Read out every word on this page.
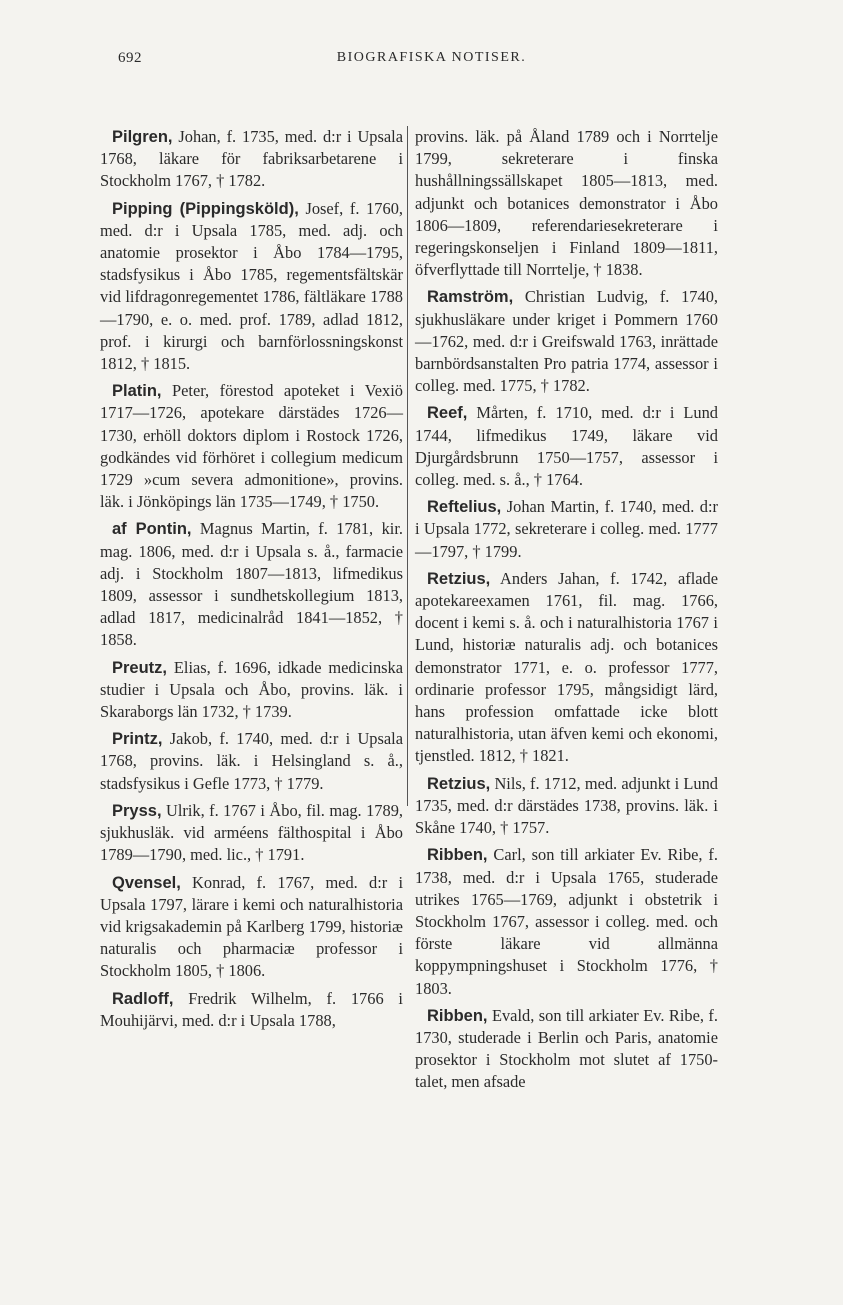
692	BIOGRAFISKA NOTISER.
Pilgren, Johan, f. 1735, med. d:r i Upsala 1768, läkare för fabriksarbetarene i Stockholm 1767, † 1782.
Pipping (Pippingsköld), Josef, f. 1760, med. d:r i Upsala 1785, med. adj. och anatomie prosektor i Åbo 1784—1795, stadsfysikus i Åbo 1785, regementsfältskär vid lifdragonregementet 1786, fältläkare 1788—1790, e. o. med. prof. 1789, adlad 1812, prof. i kirurgi och barnförlossningskonst 1812, † 1815.
Platin, Peter, förestod apoteket i Vexiö 1717—1726, apotekare därstädes 1726—1730, erhöll doktors diplom i Rostock 1726, godkändes vid förhöret i collegium medicum 1729 »cum severa admonitione», provins. läk. i Jönköpings län 1735—1749, † 1750.
af Pontin, Magnus Martin, f. 1781, kir. mag. 1806, med. d:r i Upsala s. å., farmacie adj. i Stockholm 1807—1813, lifmedikus 1809, assessor i sundhetskollegium 1813, adlad 1817, medicinalråd 1841—1852, † 1858.
Preutz, Elias, f. 1696, idkade medicinska studier i Upsala och Åbo, provins. läk. i Skaraborgs län 1732, † 1739.
Printz, Jakob, f. 1740, med. d:r i Upsala 1768, provins. läk. i Helsingland s. å., stadsfysikus i Gefle 1773, † 1779.
Pryss, Ulrik, f. 1767 i Åbo, fil. mag. 1789, sjukhusläk. vid arméens fälthospital i Åbo 1789—1790, med. lic., † 1791.
Qvensel, Konrad, f. 1767, med. d:r i Upsala 1797, lärare i kemi och naturalhistoria vid krigsakademin på Karlberg 1799, historiæ naturalis och pharmaciæ professor i Stockholm 1805, † 1806.
Radloff, Fredrik Wilhelm, f. 1766 i Mouhijärvi, med. d:r i Upsala 1788,
provins. läk. på Åland 1789 och i Norrtelje 1799, sekreterare i finska hushållningssällskapet 1805—1813, med. adjunkt och botanices demonstrator i Åbo 1806—1809, referendariesekreterare i regeringskonseljen i Finland 1809—1811, öfverflyttade till Norrtelje, † 1838.
Ramström, Christian Ludvig, f. 1740, sjukhusläkare under kriget i Pommern 1760—1762, med. d:r i Greifswald 1763, inrättade barnbördsanstalten Pro patria 1774, assessor i colleg. med. 1775, † 1782.
Reef, Mårten, f. 1710, med. d:r i Lund 1744, lifmedikus 1749, läkare vid Djurgårdsbrunn 1750—1757, assessor i colleg. med. s. å., † 1764.
Reftelius, Johan Martin, f. 1740, med. d:r i Upsala 1772, sekreterare i colleg. med. 1777—1797, † 1799.
Retzius, Anders Jahan, f. 1742, aflade apotekareexamen 1761, fil. mag. 1766, docent i kemi s. å. och i naturalhistoria 1767 i Lund, historiæ naturalis adj. och botanices demonstrator 1771, e. o. professor 1777, ordinarie professor 1795, mångsidigt lärd, hans profession omfattade icke blott naturalhistoria, utan äfven kemi och ekonomi, tjenstled. 1812, † 1821.
Retzius, Nils, f. 1712, med. adjunkt i Lund 1735, med. d:r därstädes 1738, provins. läk. i Skåne 1740, † 1757.
Ribben, Carl, son till arkiater Ev. Ribe, f. 1738, med. d:r i Upsala 1765, studerade utrikes 1765—1769, adjunkt i obstetrik i Stockholm 1767, assessor i colleg. med. och förste läkare vid allmänna koppympningshuset i Stockholm 1776, † 1803.
Ribben, Evald, son till arkiater Ev. Ribe, f. 1730, studerade i Berlin och Paris, anatomie prosektor i Stockholm mot slutet af 1750-talet, men afsade
